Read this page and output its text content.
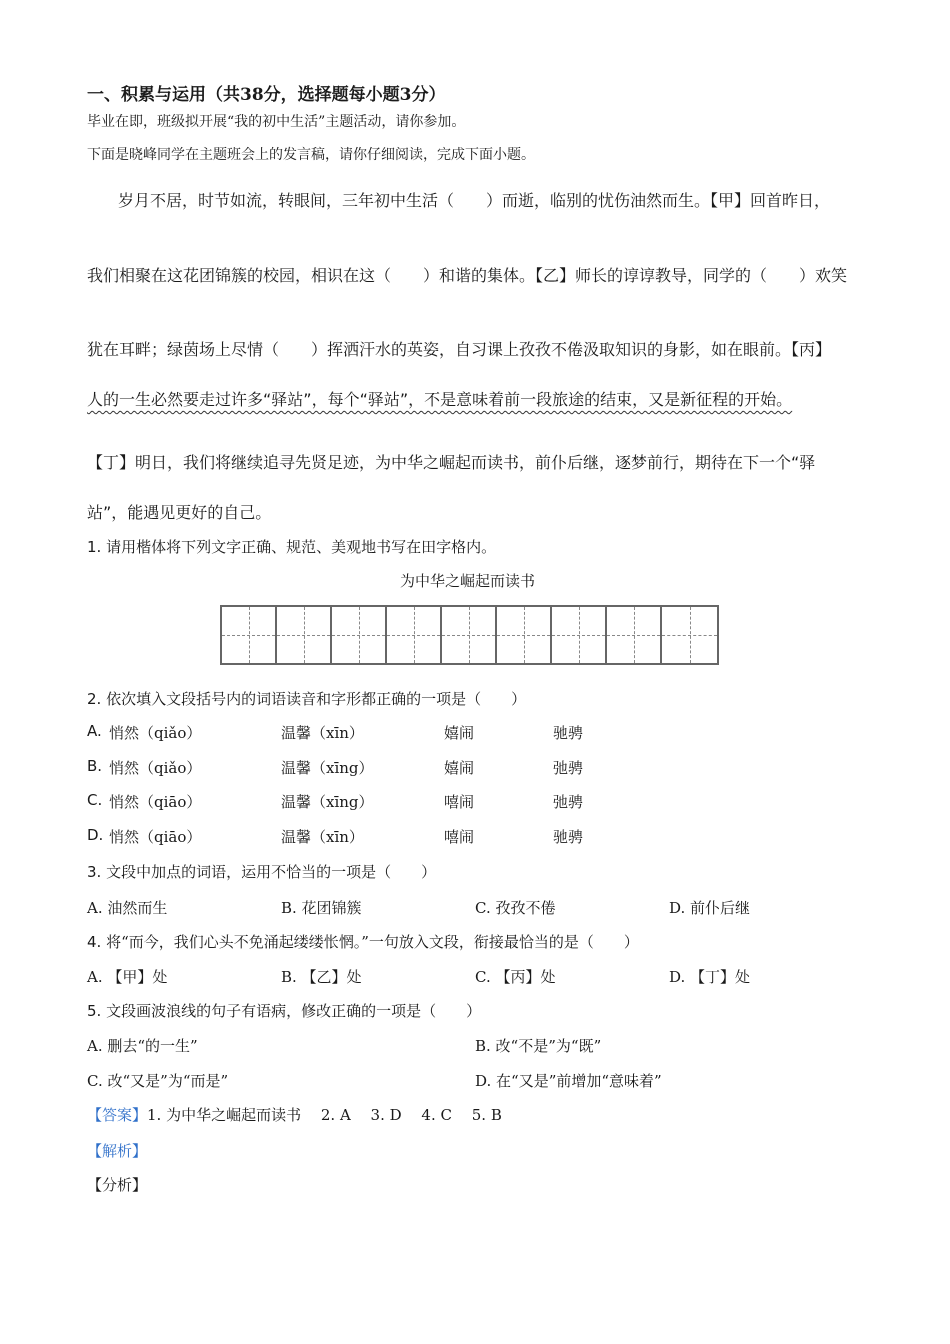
一、积累与运用（共38分，选择题每小题3分）
毕业在即，班级拟开展“我的初中生活”主题活动，请你参加。
下面是晓峰同学在主题班会上的发言稿，请你仔细阅读，完成下面小题。
岁月不居，时节如流，转眼间，三年初中生活（　　）而逝，临别的忧伤油然而生。【甲】回首昨日，
我们相聚在这花团锦簇的校园，相识在这（　　）和谐的集体。【乙】师长的谆谆教导，同学的（　　）欢笑
犹在耳畔；绿茵场上尽情（　　）挥洒汗水的英姿，自习课上孜孜不倦汲取知识的身影，如在眼前。【丙】
人的一生必然要走过许多“驿站”，每个“驿站”，不是意味着前一段旅途的结束，又是新征程的开始。
【丁】明日，我们将继续追寻先贤足迹，为中华之崛起而读书，前仆后继，逐梦前行，期待在下一个“驿
站”，能遇见更好的自己。
1. 请用楷体将下列文字正确、规范、美观地书写在田字格内。
为中华之崛起而读书
2. 依次填入文段括号内的词语读音和字形都正确的一项是（　　）
A. 悄然（qiǎo）	温馨（xīn）	嬉闹	驰骋
B. 悄然（qiǎo）	温馨（xīng）	嬉闹	弛骋
C. 悄然（qiāo）	温馨（xīng）	嘻闹	弛骋
D. 悄然（qiāo）	温馨（xīn）	嘻闹	驰骋
3. 文段中加点的词语，运用不恰当的一项是（　　）
A. 油然而生	B. 花团锦簇	C. 孜孜不倦	D. 前仆后继
4. 将“而今，我们心头不免涌起缕缕怅惘。”一句放入文段，衔接最恰当的是（　　）
A. 【甲】处	B. 【乙】处	C. 【丙】处	D. 【丁】处
5. 文段画波浪线的句子有语病，修改正确的一项是（　　）
A. 删去“的一生”	B. 改“不是”为“既”
C. 改“又是”为“而是”	D. 在“又是”前增加“意味着”
【答案】1. 为中华之崛起而读书　 2. A　 3. D　 4. C　 5. B
【解析】
【分析】
